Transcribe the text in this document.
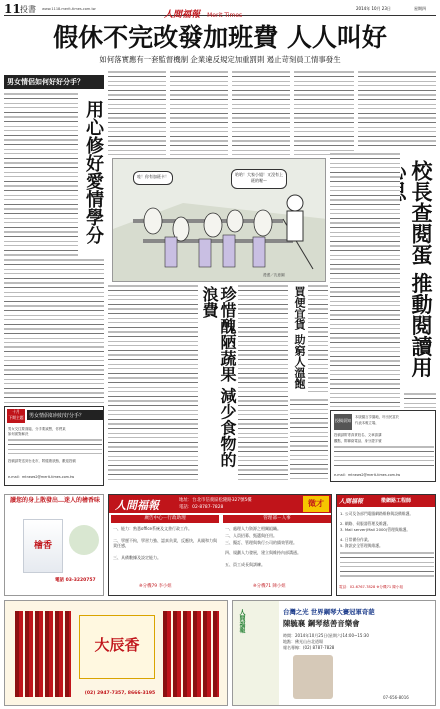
11 投書 www.1118.merit-times.com.tw
人間福報 Merit Times
2014年 10月 23日	星期四
假休不完改發加班費 人人叫好
如何落實應有一套監督機制 企業違反規定加重罰則 遏止苛刻員工情事發生
男女情侶如何好好分手？
用心修好愛情學分
十月
下期主題	男女情侶如何好好分手？
男女交往要面臨、分手要誠懇，你們某
如何面對解決
投稿請寄送到台北市，附健康狀態，歡迎投稿
e-mail：mtnews2@merit-times.com.tw
哇！你有加班卡！	哈哈！大家小姐！又沒有上班的喔～
漫畫／沈意圖
校長查閱蛋 推動閱讀用
珍惜醜陋蔬果 減少食物的浪費	買便宜貨 助窮人溫飽
投稿須知
本版園言享園地，吁出民富於
代表本報立場，
投稿請附寄真實姓名、文章請講
觀點，附聯絡電話、身分證字號
e-mail：mtnews2@merit-times.com.tw
讀您的身上散發出…迷人的檜香味
檜香
電話 03-3220757
人間福報	地址：台北市信義區松隆路327號5樓
電話：02-8787-7828	徵才
廣告中心－行政助理	管理部－人事
一、能力：熟悉office系統及文書行政工作。
二、學歷不拘，學習力強、認真負責，反應快，具親和力與責任感，
三、具備數據及設定能力。
一、處理人力資源之相關組織。
二、人員招募、甄選與任用。
三、擬訂、管理與執行公司的績效管理。
四、規劃人力發展，建立與維持內部溝通。
五、員工成長與訓練。
※分機79 李小姐	※分機71 陳小姐
人間福報	徵網路工程師
1. 公司及各部門電腦網路維修與設備維護。
2. 網路、伺服器管理及維護。
3. Mail server(Mail 2000)管理與維護。
4. 日常備份作業。
5. 資訊安全管理與維護。
電話：02-6767-7828 ※分機71 陳小姐
大辰香
(02) 2947-7357, 8666-3195
人間福報	台灣之光 世界鋼琴大賽冠軍奇葩
陳毓襄 鋼琴慈善音樂會
時間：2014年10月25日(星期六)14:00~15:30
地點：佛光山台北道場
報名專線：(02) 8787-7828
07-656-8016
